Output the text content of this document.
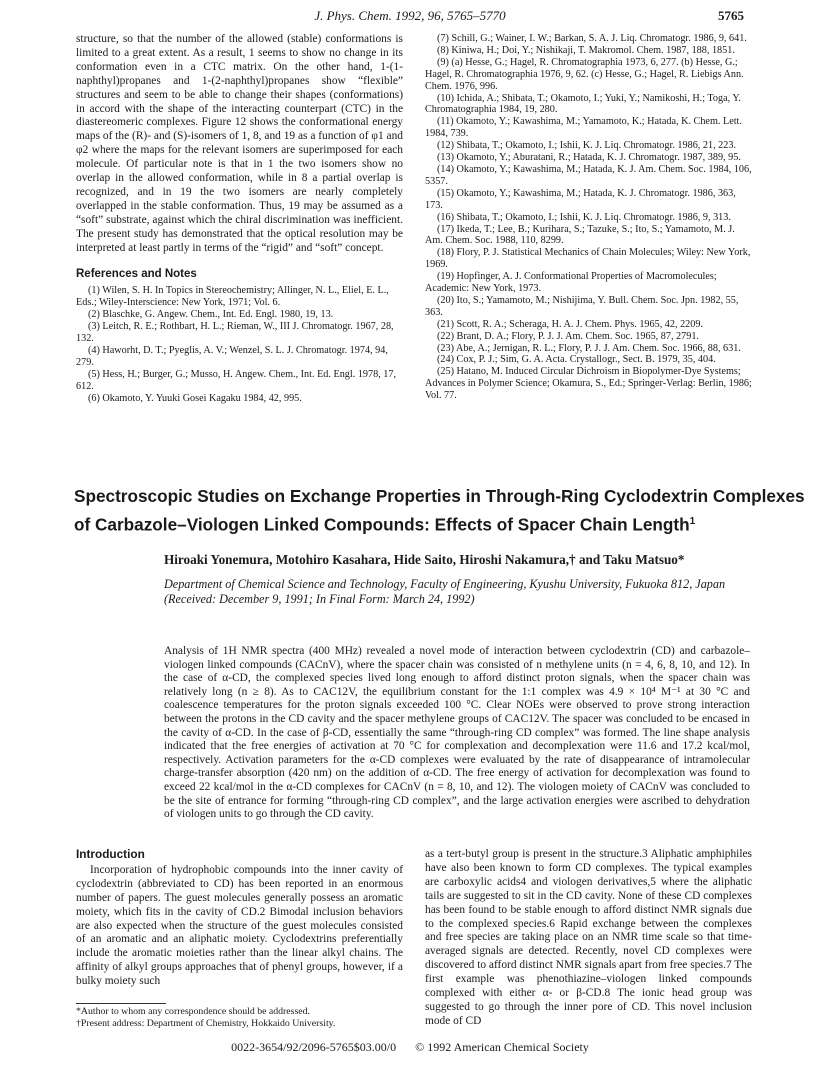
J. Phys. Chem. 1992, 96, 5765–5770	5765

structure, so that the number of the allowed (stable) conformations is limited to a great extent. As a result, 1 seems to show no change in its conformation even in a CTC matrix. On the other hand, 1-(1-naphthyl)propanes and 1-(2-naphthyl)propanes show “flexible” structures and seem to be able to change their shapes (conformations) in accord with the shape of the interacting counterpart (CTC) in the diastereomeric complexes. Figure 12 shows the conformational energy maps of the (R)- and (S)-isomers of 1, 8, and 19 as a function of φ1 and φ2 where the maps for the relevant isomers are superimposed for each molecule. Of particular note is that in 1 the two isomers show no overlap in the allowed conformation, while in 8 a partial overlap is recognized, and in 19 the two isomers are nearly completely overlapped in the stable conformation. Thus, 19 may be assumed as a “soft” substrate, against which the chiral discrimination was inefficient. The present study has demonstrated that the optical resolution may be interpreted at least partly in terms of the “rigid” and “soft” concept.

References and Notes

(1) Wilen, S. H. In Topics in Stereochemistry; Allinger, N. L., Eliel, E. L., Eds.; Wiley-Interscience: New York, 1971; Vol. 6.

(2) Blaschke, G. Angew. Chem., Int. Ed. Engl. 1980, 19, 13.

(3) Leitch, R. E.; Rothbart, H. L.; Rieman, W., III J. Chromatogr. 1967, 28, 132.

(4) Haworht, D. T.; Pyeglis, A. V.; Wenzel, S. L. J. Chromatogr. 1974, 94, 279.

(5) Hess, H.; Burger, G.; Musso, H. Angew. Chem., Int. Ed. Engl. 1978, 17, 612.

(6) Okamoto, Y. Yuuki Gosei Kagaku 1984, 42, 995.

(7) Schill, G.; Wainer, I. W.; Barkan, S. A. J. Liq. Chromatogr. 1986, 9, 641.

(8) Kiniwa, H.; Doi, Y.; Nishikaji, T. Makromol. Chem. 1987, 188, 1851.

(9) (a) Hesse, G.; Hagel, R. Chromatographia 1973, 6, 277. (b) Hesse, G.; Hagel, R. Chromatographia 1976, 9, 62. (c) Hesse, G.; Hagel, R. Liebigs Ann. Chem. 1976, 996.

(10) Ichida, A.; Shibata, T.; Okamoto, I.; Yuki, Y.; Namikoshi, H.; Toga, Y. Chromatographia 1984, 19, 280.

(11) Okamoto, Y.; Kawashima, M.; Yamamoto, K.; Hatada, K. Chem. Lett. 1984, 739.

(12) Shibata, T.; Okamoto, I.; Ishii, K. J. Liq. Chromatogr. 1986, 21, 223.

(13) Okamoto, Y.; Aburatani, R.; Hatada, K. J. Chromatogr. 1987, 389, 95.

(14) Okamoto, Y.; Kawashima, M.; Hatada, K. J. Am. Chem. Soc. 1984, 106, 5357.

(15) Okamoto, Y.; Kawashima, M.; Hatada, K. J. Chromatogr. 1986, 363, 173.

(16) Shibata, T.; Okamoto, I.; Ishii, K. J. Liq. Chromatogr. 1986, 9, 313.

(17) Ikeda, T.; Lee, B.; Kurihara, S.; Tazuke, S.; Ito, S.; Yamamoto, M. J. Am. Chem. Soc. 1988, 110, 8299.

(18) Flory, P. J. Statistical Mechanics of Chain Molecules; Wiley: New York, 1969.

(19) Hopfinger, A. J. Conformational Properties of Macromolecules; Academic: New York, 1973.

(20) Ito, S.; Yamamoto, M.; Nishijima, Y. Bull. Chem. Soc. Jpn. 1982, 55, 363.

(21) Scott, R. A.; Scheraga, H. A. J. Chem. Phys. 1965, 42, 2209.

(22) Brant, D. A.; Flory, P. J. J. Am. Chem. Soc. 1965, 87, 2791.

(23) Abe, A.; Jernigan, R. L.; Flory, P. J. J. Am. Chem. Soc. 1966, 88, 631.

(24) Cox, P. J.; Sim, G. A. Acta. Crystallogr., Sect. B. 1979, 35, 404.

(25) Hatano, M. Induced Circular Dichroism in Biopolymer-Dye Systems; Advances in Polymer Science; Okamura, S., Ed.; Springer-Verlag: Berlin, 1986; Vol. 77.

Spectroscopic Studies on Exchange Properties in Through-Ring Cyclodextrin Complexes
of Carbazole–Viologen Linked Compounds: Effects of Spacer Chain Length$^1$
Hiroaki Yonemura, Motohiro Kasahara, Hide Saito, Hiroshi Nakamura,† and Taku Matsuo*
Department of Chemical Science and Technology, Faculty of Engineering, Kyushu University, Fukuoka 812, Japan (Received: December 9, 1991; In Final Form: March 24, 1992)
Analysis of 1H NMR spectra (400 MHz) revealed a novel mode of interaction between cyclodextrin (CD) and carbazole–viologen linked compounds (CACnV), where the spacer chain was consisted of n methylene units (n = 4, 6, 8, 10, and 12). In the case of α-CD, the complexed species lived long enough to afford distinct proton signals, when the spacer chain was relatively long (n ≥ 8). As to CAC12V, the equilibrium constant for the 1:1 complex was 4.9 × 10⁴ M⁻¹ at 30 °C and coalescence temperatures for the proton signals exceeded 100 °C. Clear NOEs were observed to prove strong interaction between the protons in the CD cavity and the spacer methylene groups of CAC12V. The spacer was concluded to be encased in the cavity of α-CD. In the case of β-CD, essentially the same “through-ring CD complex” was formed. The line shape analysis indicated that the free energies of activation at 70 °C for complexation and decomplexation were 11.6 and 17.2 kcal/mol, respectively. Activation parameters for the α-CD complexes were evaluated by the rate of disappearance of intramolecular charge-transfer absorption (420 nm) on the addition of α-CD. The free energy of activation for decomplexation was found to exceed 22 kcal/mol in the α-CD complexes for CACnV (n = 8, 10, and 12). The viologen moiety of CACnV was concluded to be the site of entrance for forming “through-ring CD complex”, and the large activation energies were ascribed to dehydration of viologen units to go through the CD cavity.

Introduction

Incorporation of hydrophobic compounds into the inner cavity of cyclodextrin (abbreviated to CD) has been reported in an enormous number of papers. The guest molecules generally possess an aromatic moiety, which fits in the cavity of CD.2 Bimodal inclusion behaviors are also expected when the structure of the guest molecules consisted of an aromatic and an aliphatic moiety. Cyclodextrins preferentially include the aromatic moieties rather than the linear alkyl chains. The affinity of alkyl groups approaches that of phenyl groups, however, if a bulky moiety such

as a tert-butyl group is present in the structure.3 Aliphatic amphiphiles have also been known to form CD complexes. The typical examples are carboxylic acids4 and viologen derivatives,5 where the aliphatic tails are suggested to sit in the CD cavity. None of these CD complexes has been found to be stable enough to afford distinct NMR signals due to the complexed species.6 Rapid exchange between the complexes and free species are taking place on an NMR time scale so that time-averaged signals are detected. Recently, novel CD complexes were discovered to afford distinct NMR signals apart from free species.7 The first example was phenothiazine–viologen linked compounds complexed with either α- or β-CD.8 The ionic head group was suggested to go through the inner pore of CD. This novel inclusion mode of CD

*Author to whom any correspondence should be addressed.

†Present address: Department of Chemistry, Hokkaido University.

0022-3654/92/2096-5765$03.00/0 © 1992 American Chemical Society
